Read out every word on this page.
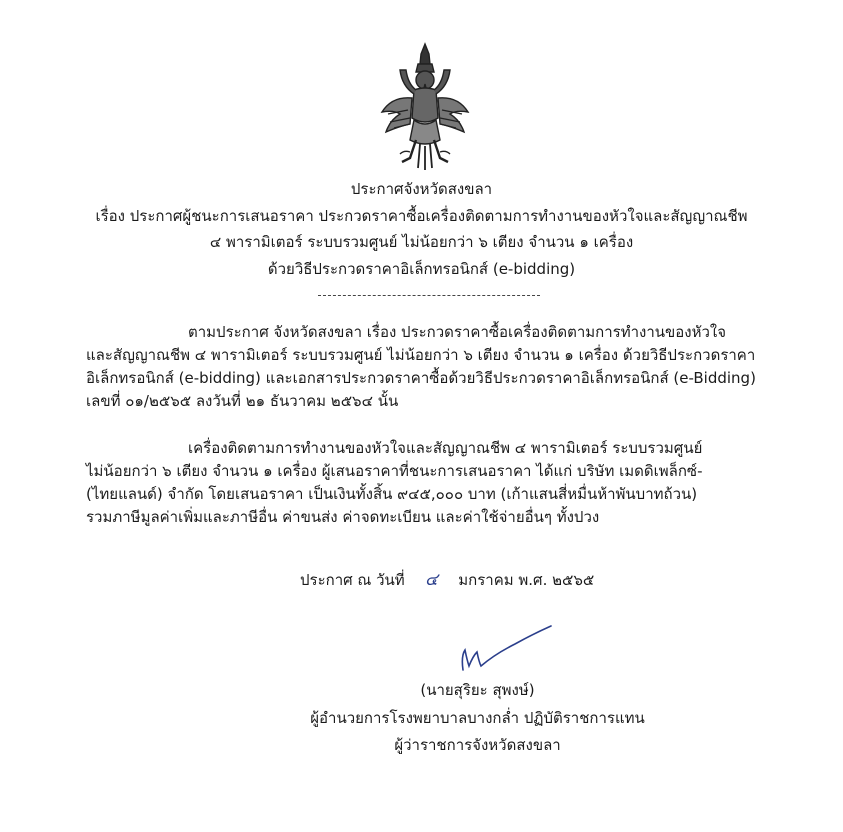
ประกาศจังหวัดสงขลา
เรื่อง ประกาศผู้ชนะการเสนอราคา ประกวดราคาซื้อเครื่องติดตามการทำงานของหัวใจและสัญญาณชีพ
๔ พารามิเตอร์ ระบบรวมศูนย์ ไม่น้อยกว่า ๖ เตียง จำนวน ๑ เครื่อง
ด้วยวิธีประกวดราคาอิเล็กทรอนิกส์ (e-bidding)
ตามประกาศ จังหวัดสงขลา เรื่อง ประกวดราคาซื้อเครื่องติดตามการทำงานของหัวใจ
และสัญญาณชีพ ๔ พารามิเตอร์ ระบบรวมศูนย์ ไม่น้อยกว่า ๖ เตียง จำนวน ๑ เครื่อง ด้วยวิธีประกวดราคา
อิเล็กทรอนิกส์ (e-bidding) และเอกสารประกวดราคาซื้อด้วยวิธีประกวดราคาอิเล็กทรอนิกส์ (e-Bidding)
เลขที่ ๐๑/๒๕๖๕ ลงวันที่ ๒๑ ธันวาคม ๒๕๖๔ นั้น
เครื่องติดตามการทำงานของหัวใจและสัญญาณชีพ ๔ พารามิเตอร์ ระบบรวมศูนย์
ไม่น้อยกว่า ๖ เตียง จำนวน ๑ เครื่อง ผู้เสนอราคาที่ชนะการเสนอราคา ได้แก่ บริษัท เมดดิเพล็กซ์-
(ไทยแลนด์) จำกัด โดยเสนอราคา เป็นเงินทั้งสิ้น ๙๔๕,๐๐๐ บาท (เก้าแสนสี่หมื่นห้าพันบาทถ้วน)
รวมภาษีมูลค่าเพิ่มและภาษีอื่น ค่าขนส่ง ค่าจดทะเบียน และค่าใช้จ่ายอื่นๆ ทั้งปวง
ประกาศ ณ วันที่ ๔ มกราคม พ.ศ. ๒๕๖๕
(นายสุริยะ สุพงษ์)
ผู้อำนวยการโรงพยาบาลบางกล่ำ ปฏิบัติราชการแทน
ผู้ว่าราชการจังหวัดสงขลา
